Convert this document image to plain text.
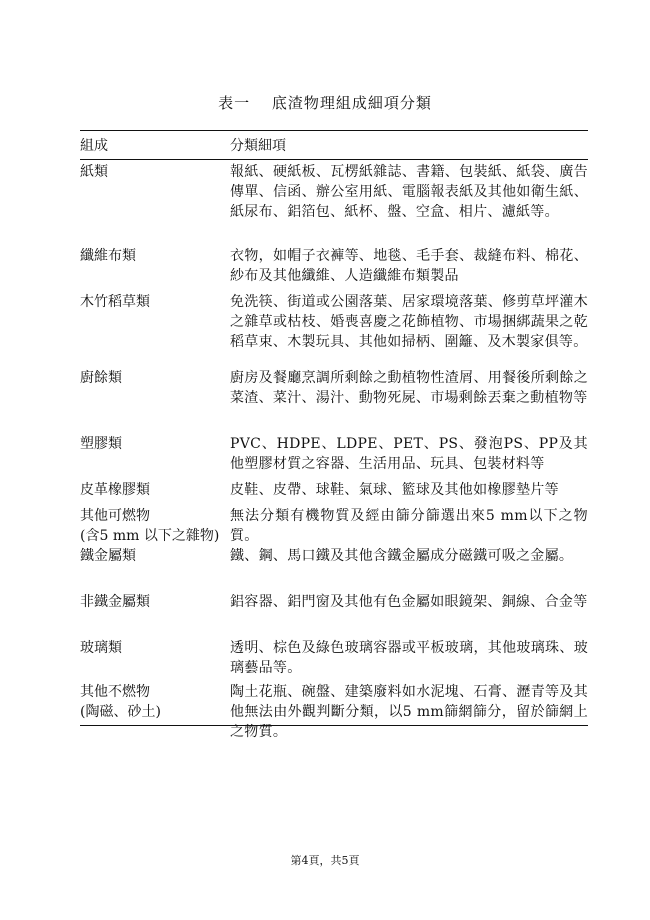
表一　 底渣物理組成細項分類
組成	分類細項

紙類	報紙、硬紙板、瓦楞紙雜誌、書籍、包裝紙、紙袋、廣告傳單、信函、辦公室用紙、電腦報表紙及其他如衛生紙、紙尿布、鋁箔包、紙杯、盤、空盒、相片、濾紙等。

纖維布類	衣物，如帽子衣褲等、地毯、毛手套、裁縫布料、棉花、紗布及其他纖維、人造纖維布類製品

木竹稻草類	免洗筷、街道或公園落葉、居家環境落葉、修剪草坪灌木之雜草或枯枝、婚喪喜慶之花飾植物、市場捆綁蔬果之乾稻草束、木製玩具、其他如掃柄、圍籬、及木製家俱等。

廚餘類	廚房及餐廳烹調所剩餘之動植物性渣屑、用餐後所剩餘之菜渣、菜汁、湯汁、動物死屍、市場剩餘丟棄之動植物等

塑膠類	PVC、HDPE、LDPE、PET、PS、發泡PS、PP及其他塑膠材質之容器、生活用品、玩具、包裝材料等

皮革橡膠類	皮鞋、皮帶、球鞋、氣球、籃球及其他如橡膠墊片等

其他可燃物
(含5 mm 以下之雜物)	無法分類有機物質及經由篩分篩選出來5 mm以下之物質。

鐵金屬類	鐵、鋼、馬口鐵及其他含鐵金屬成分磁鐵可吸之金屬。

非鐵金屬類	鋁容器、鋁門窗及其他有色金屬如眼鏡架、銅線、合金等

玻璃類	透明、棕色及綠色玻璃容器或平板玻璃，其他玻璃珠、玻璃藝品等。

其他不燃物
(陶磁、砂土)	陶土花瓶、碗盤、建築廢料如水泥塊、石膏、瀝青等及其他無法由外觀判斷分類，以5 mm篩網篩分，留於篩網上之物質。
第4頁，共5頁
